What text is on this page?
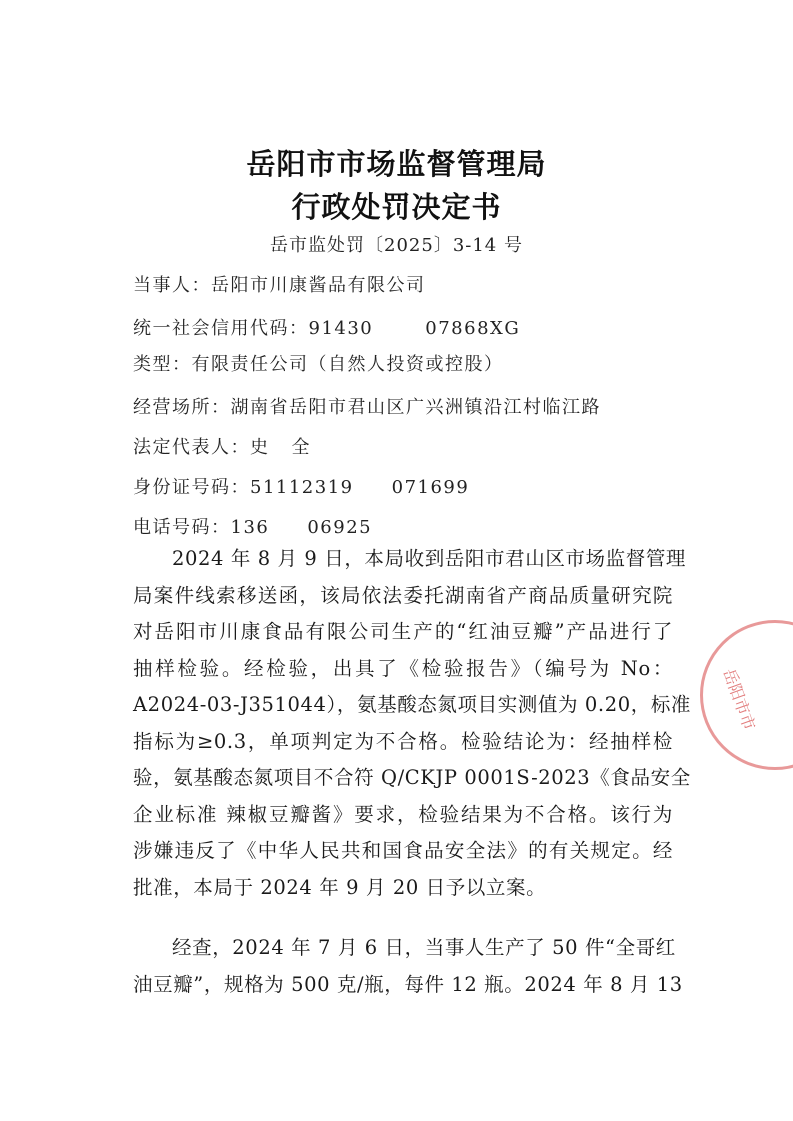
岳阳市市场监督管理局
行政处罚决定书
岳市监处罚〔2025〕3-14 号
当事人：岳阳市川康酱品有限公司
统一社会信用代码：91430	07868XG
类型：有限责任公司（自然人投资或控股）
经营场所：湖南省岳阳市君山区广兴洲镇沿江村临江路
法定代表人：史 全
身份证号码：51112319 071699
电话号码：136 06925
2024 年 8 月 9 日，本局收到岳阳市君山区市场监督管理
局案件线索移送函，该局依法委托湖南省产商品质量研究院
对岳阳市川康食品有限公司生产的“红油豆瓣”产品进行了
抽样检验。经检验，出具了《检验报告》（编号为 No：
A2024-03-J351044），氨基酸态氮项目实测值为 0.20，标准
指标为≥0.3，单项判定为不合格。检验结论为：经抽样检
验，氨基酸态氮项目不合符 Q/CKJP 0001S-2023《食品安全
企业标准 辣椒豆瓣酱》要求，检验结果为不合格。该行为
涉嫌违反了《中华人民共和国食品安全法》的有关规定。经
批准，本局于 2024 年 9 月 20 日予以立案。
经查，2024 年 7 月 6 日，当事人生产了 50 件“全哥红
油豆瓣”，规格为 500 克/瓶，每件 12 瓶。2024 年 8 月 13
岳阳市市
